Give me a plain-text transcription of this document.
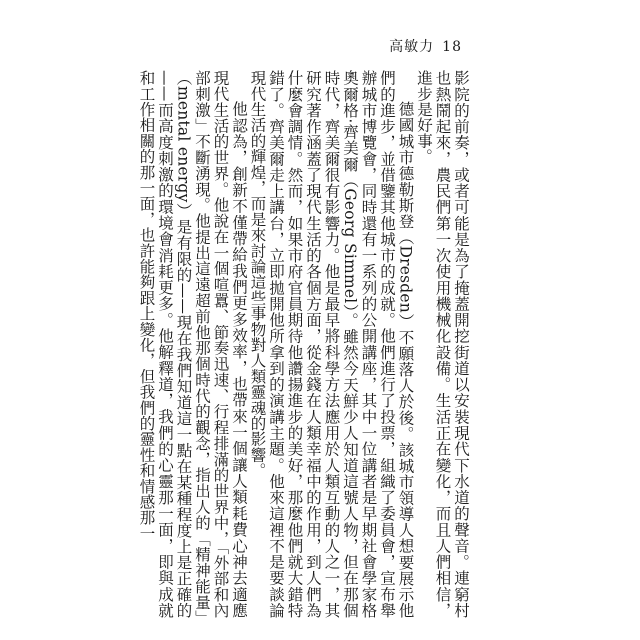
高敏力 18

影院的前奏，或者可能是為了掩蓋開挖街道以安裝現代下水道的聲音。連窮村也熱鬧起來，農民們第一次使用機械化設備。生活正在變化，而且人們相信，進步是好事。

德國城市德勒斯登（Dresden）不願落人於後。該城市領導人想要展示他們的進步，並借鑒其他城市的成就。他們進行了投票，組織了委員會，宣布舉辦城市博覽會，同時還有一系列的公開講座，其中一位講者是早期社會學家格奧爾格‧齊美爾（Georg Simmel）。雖然今天鮮少人知道這號人物，但在那個時代，齊美爾很有影響力。他是最早將科學方法應用於人類互動的人之一，其研究著作涵蓋了現代生活的各個方面，從金錢在人類幸福中的作用，到人們為什麼會調情。然而，如果市府官員期待他讚揚進步的美好，那麼他們就大錯特錯了。齊美爾走上講台，立即拋開他所拿到的演講主題。他來這裡不是要談論現代生活的輝煌，而是來討論這些事物對人類靈魂的影響。

他認為，創新不僅帶給我們更多效率，也帶來一個讓人類耗費心神去適應現代生活的世界。他說在一個喧囂、節奏迅速、行程排滿的世界中，「外部和內部刺激」不斷湧現。他提出這遠超前他那個時代的觀念，指出人的「精神能量」（mental energy）是有限的——現在我們知道這一點在某種程度上是正確的——而高度刺激的環境會消耗更多。他解釋道，我們的心靈那一面，即與成就和工作相關的那一面，也許能夠跟上變化，但我們的靈性和情感那一
